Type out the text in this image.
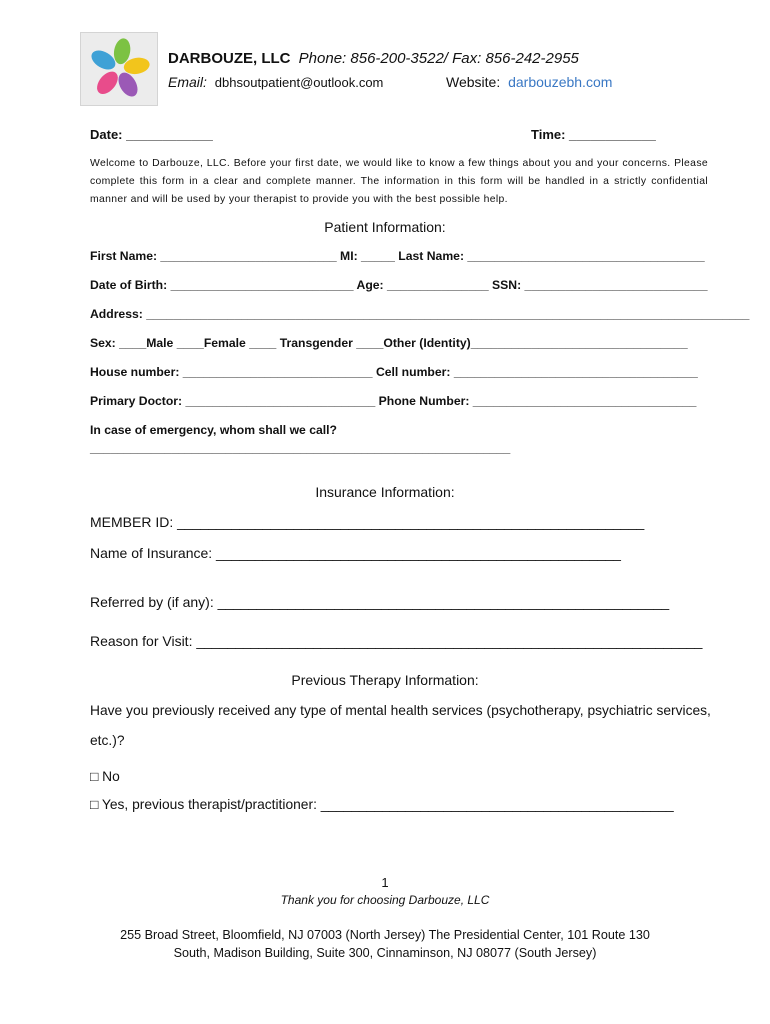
DARBOUZE, LLC Phone: 856-200-3522/ Fax: 856-242-2955
Email: dbhsoutpatient@outlook.com	Website: darbouzebh.com
Date: ____________	Time: ____________
Welcome to Darbouze, LLC. Before your first date, we would like to know a few things about you and your concerns. Please complete this form in a clear and complete manner. The information in this form will be handled in a strictly confidential manner and will be used by your therapist to provide you with the best possible help.
Patient Information:
First Name: __________________________ MI: _____ Last Name: ___________________________________
Date of Birth: ___________________________ Age: _______________ SSN: ___________________________
Address: _________________________________________________________________________________________
Sex: ____Male ____Female ____ Transgender ____Other (Identity)________________________________
House number: ____________________________ Cell number: ____________________________________
Primary Doctor: ____________________________ Phone Number: _________________________________
In case of emergency, whom shall we call?
______________________________________________________________
Insurance Information:
MEMBER ID: ____________________________________________________________
Name of Insurance: ____________________________________________________
Referred by (if any): __________________________________________________________
Reason for Visit: _________________________________________________________________
Previous Therapy Information:
Have you previously received any type of mental health services (psychotherapy, psychiatric services,
etc.)?
□ No
□ Yes, previous therapist/practitioner: ______________________________________________
1
Thank you for choosing Darbouze, LLC
255 Broad Street, Bloomfield, NJ 07003 (North Jersey) The Presidential Center, 101 Route 130 South, Madison Building, Suite 300, Cinnaminson, NJ 08077 (South Jersey)
